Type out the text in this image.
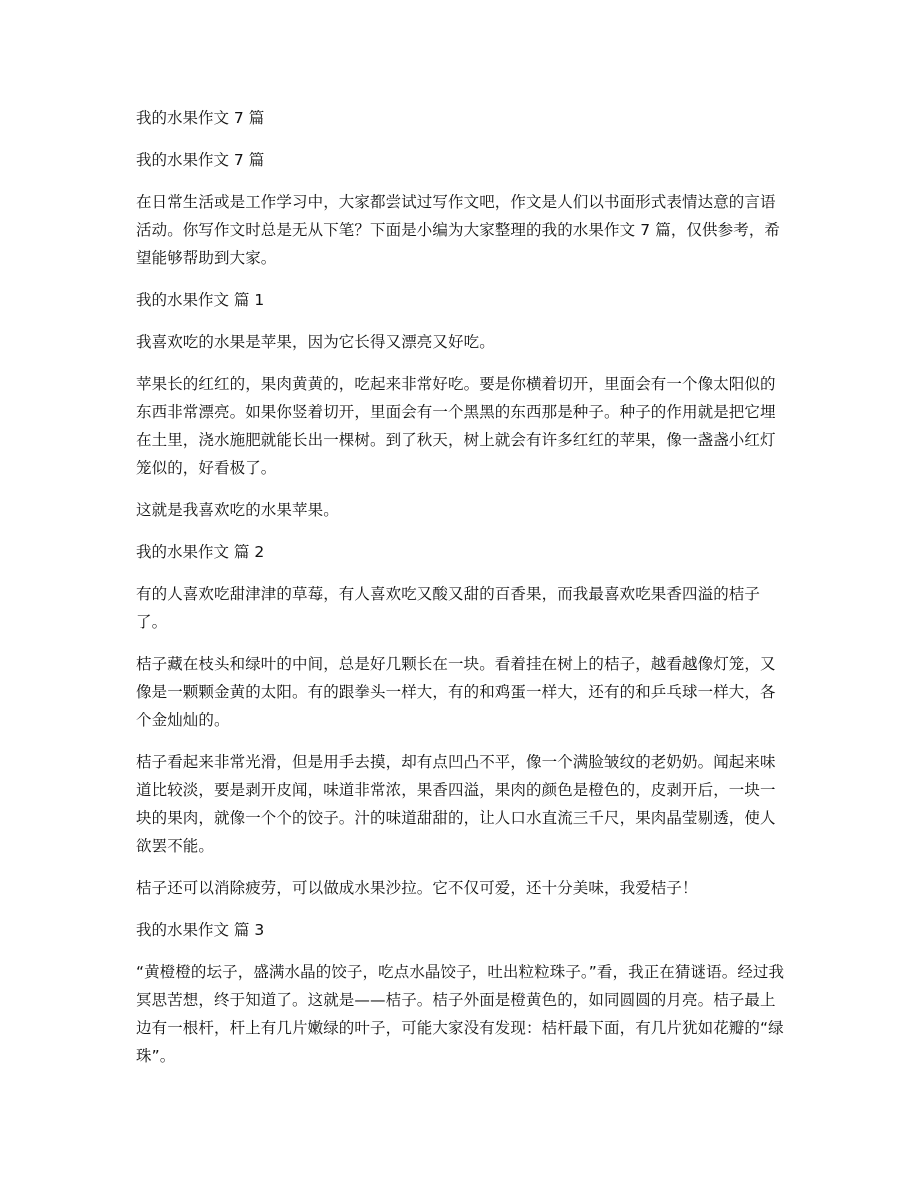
我的水果作文 7 篇

我的水果作文 7 篇

在日常生活或是工作学习中，大家都尝试过写作文吧，作文是人们以书面形式表情达意的言语活动。你写作文时总是无从下笔？下面是小编为大家整理的我的水果作文 7 篇，仅供参考，希望能够帮助到大家。

我的水果作文 篇 1

我喜欢吃的水果是苹果，因为它长得又漂亮又好吃。

苹果长的红红的，果肉黄黄的，吃起来非常好吃。要是你横着切开，里面会有一个像太阳似的东西非常漂亮。如果你竖着切开，里面会有一个黑黑的东西那是种子。种子的作用就是把它埋在土里，浇水施肥就能长出一棵树。到了秋天，树上就会有许多红红的苹果，像一盏盏小红灯笼似的，好看极了。

这就是我喜欢吃的水果苹果。

我的水果作文 篇 2

有的人喜欢吃甜津津的草莓，有人喜欢吃又酸又甜的百香果，而我最喜欢吃果香四溢的桔子了。

桔子藏在枝头和绿叶的中间，总是好几颗长在一块。看着挂在树上的桔子，越看越像灯笼，又像是一颗颗金黄的太阳。有的跟拳头一样大，有的和鸡蛋一样大，还有的和乒乓球一样大，各个金灿灿的。

桔子看起来非常光滑，但是用手去摸，却有点凹凸不平，像一个满脸皱纹的老奶奶。闻起来味道比较淡，要是剥开皮闻，味道非常浓，果香四溢，果肉的颜色是橙色的，皮剥开后，一块一块的果肉，就像一个个的饺子。汁的味道甜甜的，让人口水直流三千尺，果肉晶莹剔透，使人欲罢不能。

桔子还可以消除疲劳，可以做成水果沙拉。它不仅可爱，还十分美味，我爱桔子！

我的水果作文 篇 3

“黄橙橙的坛子，盛满水晶的饺子，吃点水晶饺子，吐出粒粒珠子。”看，我正在猜谜语。经过我冥思苦想，终于知道了。这就是——桔子。桔子外面是橙黄色的，如同圆圆的月亮。桔子最上边有一根杆，杆上有几片嫩绿的叶子，可能大家没有发现：桔杆最下面，有几片犹如花瓣的“绿珠”。
